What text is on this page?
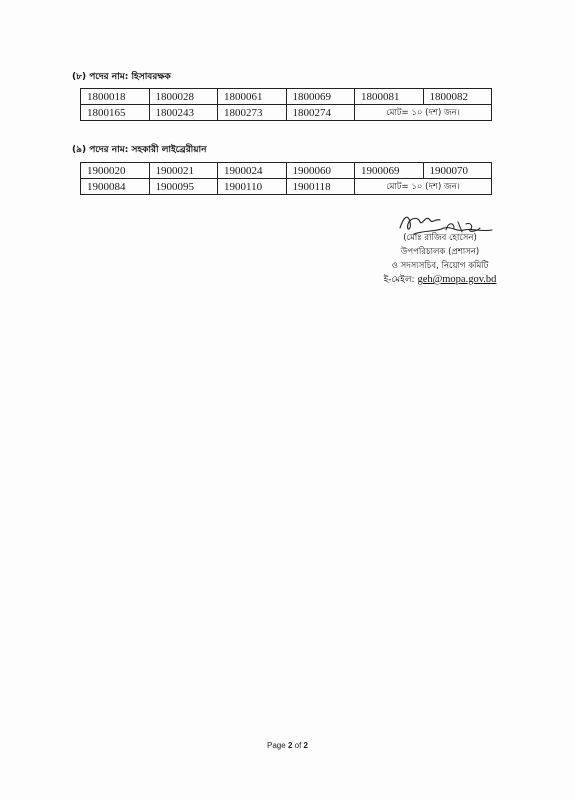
(৮) পদের নাম: হিসাবরক্ষক
1800018	1800028	1800061	1800069	1800081	1800082
1800165	1800243	1800273	1800274	মোট= ১০ (দশ) জন।	
(৯) পদের নাম: সহকারী লাইব্রেরীয়ান
1900020	1900021	1900024	1900060	1900069	1900070
1900084	1900095	1900110	1900118	মোট= ১০ (দশ) জন।	
(মোঃ রাজিব হোসেন)
উপপরিচালক (প্রশাসন)
ও সদস্যসচিব, নিয়োগ কমিটি
ই-মেইল: geh@mopa.gov.bd
Page 2 of 2
